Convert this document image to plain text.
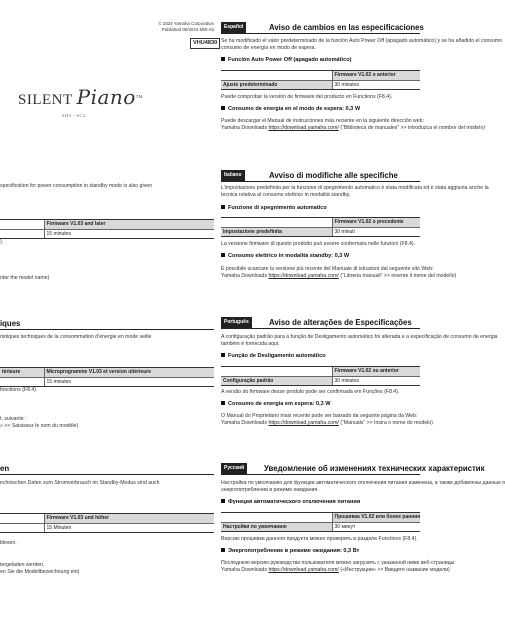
© 2024 Yamaha Corporation
Published 06/2024 MW-A0
VHU4830
SILENT Piano™
SH3 / SC3
specification for power consumption in standby mode is also given
	Firmware V1.03 and later
	15 minutes
).
nter the model name)
iques
ristiques techniques de la consommation d’énergie en mode veille
térieure	Microprogramme V1.03 et version ultérieure
	15 minutes
fonctions (F8.4).
t, suivante :
» >> Saisissez le nom du modèle)
en
echnischen Daten zum Stromverbrauch im Standby-Modus sind auch
	Firmware V1.03 und höher
	15 Minuten
blesen.
tergeladen werden.
en Sie die Modellbezeichnung ein)
Español	Aviso de cambios en las especificaciones
Se ha modificado el valor predeterminado de la función Auto Power Off (apagado automático) y se ha añadido el consumo
consumo de energía en modo de espera.
Función Auto Power Off (apagado automático)
	Firmware V1.02 o anterior
Ajuste predeterminado	30 minutos
Puede comprobar la versión de firmware del producto en Functions (F8.4).
Consumo de energía en el modo de espera: 0,3 W
Puede descargar el Manual de instrucciones más reciente en la siguiente dirección web:
Yamaha Downloads https://download.yamaha.com/ (“Biblioteca de manuales” >> introduzca el nombre del modelo)
Italiano	Avviso di modifiche alle specifiche
L’impostazione predefinita per la funzione di spegnimento automatico è stata modificata ed è stata aggiunta anche la
tecnica relativa al consumo elettrico in modalità standby.
Funzione di spegnimento automatico
	Firmware V1.02 o precedente
Impostazione predefinita	30 minuti
La versione firmware di questo prodotto può essere confermata nelle funzioni (F8.4).
Consumo elettrico in modalità standby: 0,3 W
È possibile scaricare la versione più recente del Manuale di istruzioni dal seguente sito Web:
Yamaha Downloads https://download.yamaha.com/ (“Libreria manuali” >> inserire il nome del modello)
Português	Aviso de alterações de Especificações
A configuração padrão para a função de Desligamento automático foi alterada e a especificação de consumo de energia
também é fornecida aqui.
Função de Desligamento automático
	Firmware V1.02 ou anterior
Configuração padrão	30 minutos
A versão do firmware desse produto pode ser confirmada em Funções (F8.4).
Consumo de energia em espera: 0,3 W
O Manual do Proprietário mais recente pode ser baixado da seguinte página da Web:
Yamaha Downloads https://download.yamaha.com/ (“Manuals” >> Insira o nome do modelo)
Русский	Уведомление об изменениях технических характеристик
Настройка по умолчанию для функции автоматического отключения питания изменена, а также добавлены данные о
энергопотреблении в режиме ожидания.
Функция автоматического отключения питания
	Прошивка V1.02 или более ранняя
Настройки по умолчанию	30 минут
Версию прошивки данного продукта можно проверить в разделе Functions (F8.4).
Энергопотребление в режиме ожидания: 0,3 Вт
Последнюю версию руководства пользователя можно загрузить с указанной ниже веб-страницы:
Yamaha Downloads https://download.yamaha.com/ («Инструкции» >> Введите название модели)
